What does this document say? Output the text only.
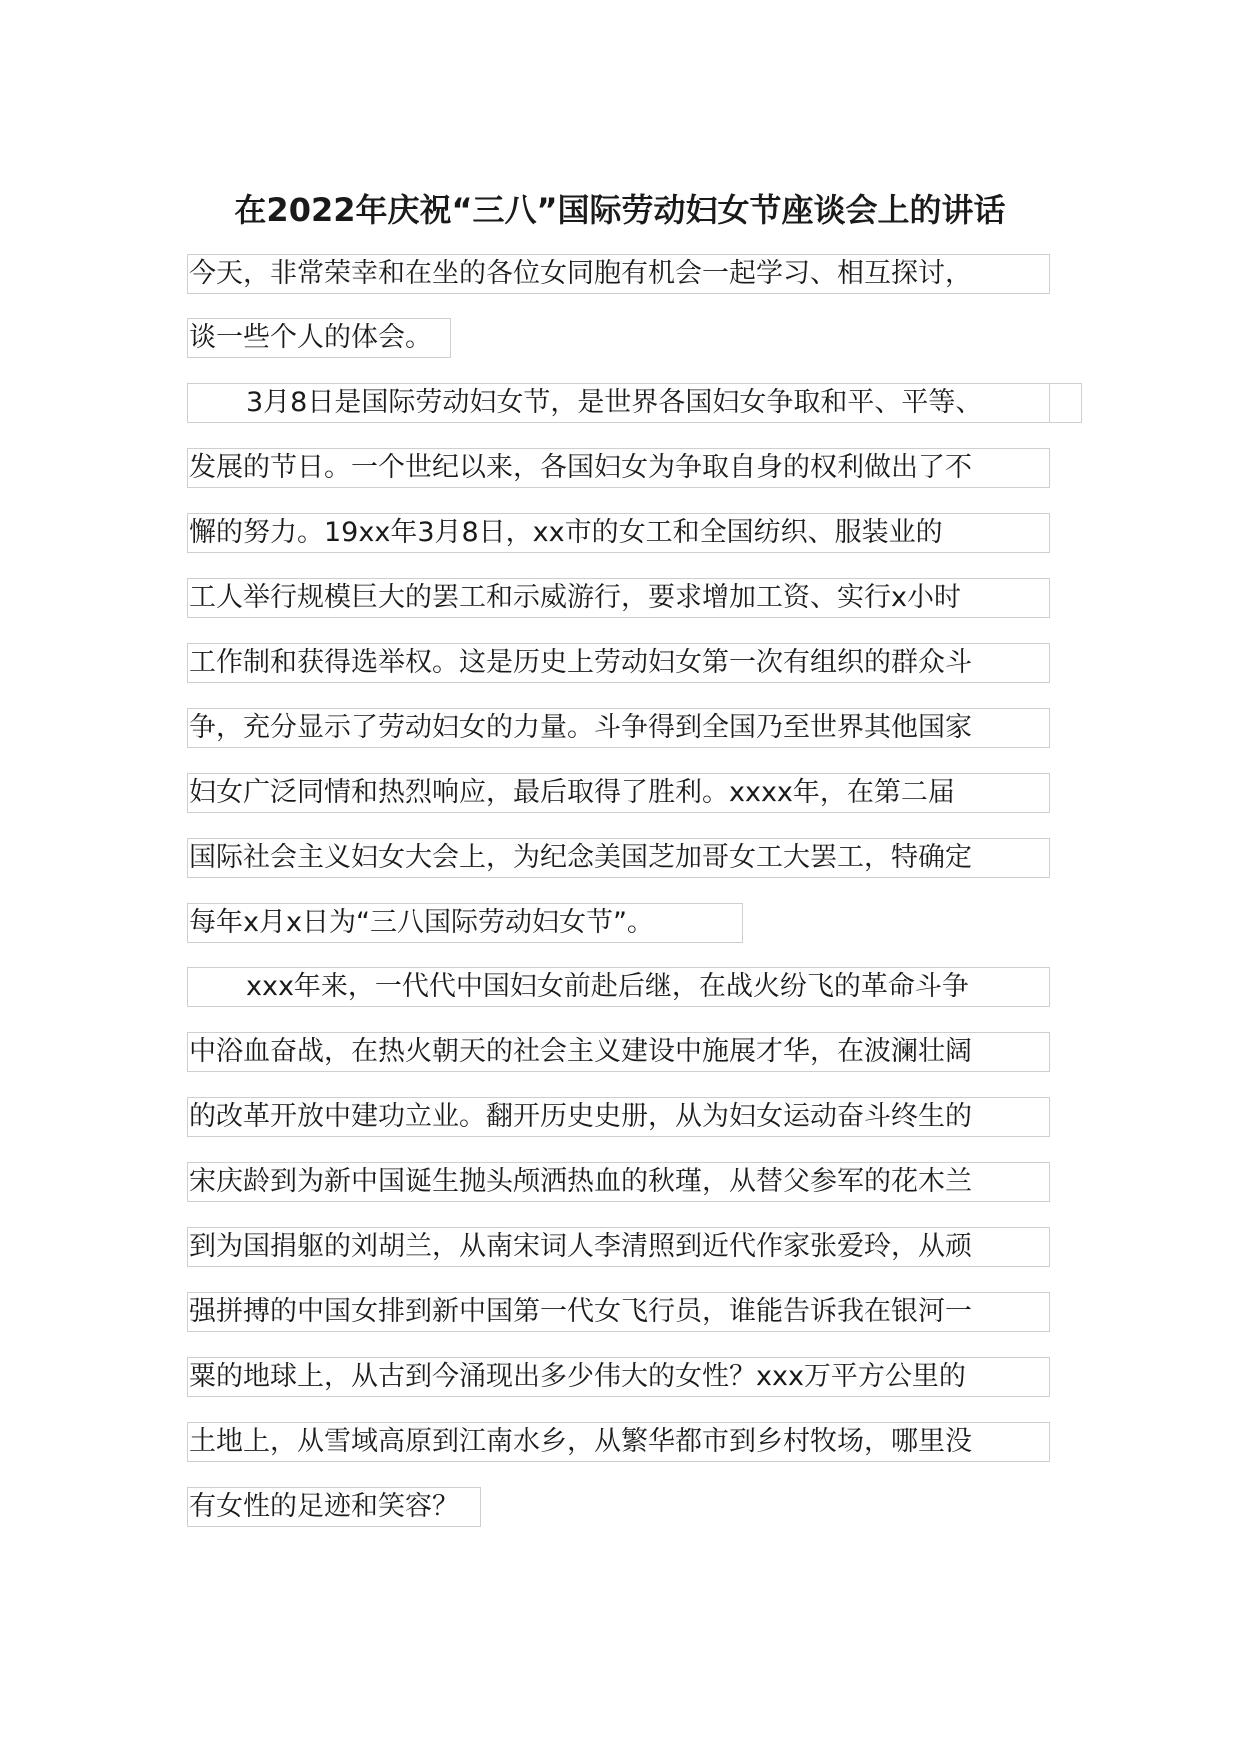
在2022年庆祝“三八”国际劳动妇女节座谈会上的讲话
今天，非常荣幸和在坐的各位女同胞有机会一起学习、相互探讨，
谈一些个人的体会。
3月8日是国际劳动妇女节，是世界各国妇女争取和平、平等、
发展的节日。一个世纪以来，各国妇女为争取自身的权利做出了不
懈的努力。19xx年3月8日，xx市的女工和全国纺织、服装业的
工人举行规模巨大的罢工和示威游行，要求增加工资、实行x小时
工作制和获得选举权。这是历史上劳动妇女第一次有组织的群众斗
争，充分显示了劳动妇女的力量。斗争得到全国乃至世界其他国家
妇女广泛同情和热烈响应，最后取得了胜利。xxxx年，在第二届
国际社会主义妇女大会上，为纪念美国芝加哥女工大罢工，特确定
每年x月x日为“三八国际劳动妇女节”。
xxx年来，一代代中国妇女前赴后继，在战火纷飞的革命斗争
中浴血奋战，在热火朝天的社会主义建设中施展才华，在波澜壮阔
的改革开放中建功立业。翻开历史史册，从为妇女运动奋斗终生的
宋庆龄到为新中国诞生抛头颅洒热血的秋瑾，从替父参军的花木兰
到为国捐躯的刘胡兰，从南宋词人李清照到近代作家张爱玲，从顽
强拼搏的中国女排到新中国第一代女飞行员，谁能告诉我在银河一
粟的地球上，从古到今涌现出多少伟大的女性？xxx万平方公里的
土地上，从雪域高原到江南水乡，从繁华都市到乡村牧场，哪里没
有女性的足迹和笑容？
